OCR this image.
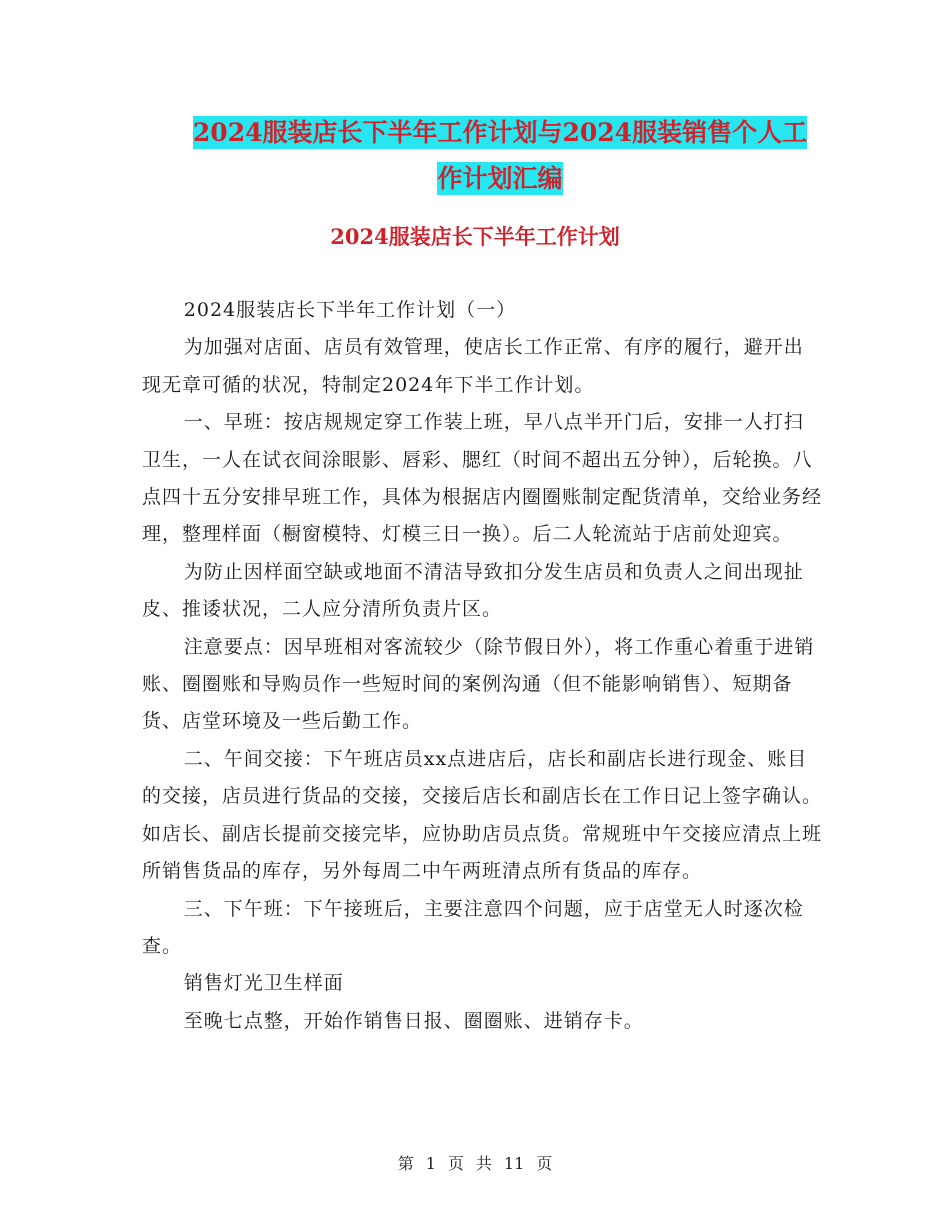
2024服装店长下半年工作计划与2024服装销售个人工
作计划汇编
2024服装店长下半年工作计划

2024服装店长下半年工作计划（一）

为加强对店面、店员有效管理，使店长工作正常、有序的履行，避开出现无章可循的状况，特制定2024年下半工作计划。

一、早班：按店规规定穿工作装上班，早八点半开门后，安排一人打扫卫生，一人在试衣间涂眼影、唇彩、腮红（时间不超出五分钟），后轮换。八点四十五分安排早班工作，具体为根据店内圈圈账制定配货清单，交给业务经理，整理样面（橱窗模特、灯模三日一换）。后二人轮流站于店前处迎宾。

为防止因样面空缺或地面不清洁导致扣分发生店员和负责人之间出现扯皮、推诿状况，二人应分清所负责片区。

注意要点：因早班相对客流较少（除节假日外），将工作重心着重于进销账、圈圈账和导购员作一些短时间的案例沟通（但不能影响销售）、短期备货、店堂环境及一些后勤工作。

二、午间交接：下午班店员xx点进店后，店长和副店长进行现金、账目的交接，店员进行货品的交接，交接后店长和副店长在工作日记上签字确认。如店长、副店长提前交接完毕，应协助店员点货。常规班中午交接应清点上班所销售货品的库存，另外每周二中午两班清点所有货品的库存。

三、下午班：下午接班后，主要注意四个问题，应于店堂无人时逐次检查。

销售灯光卫生样面

至晚七点整，开始作销售日报、圈圈账、进销存卡。

第 1 页 共 11 页
